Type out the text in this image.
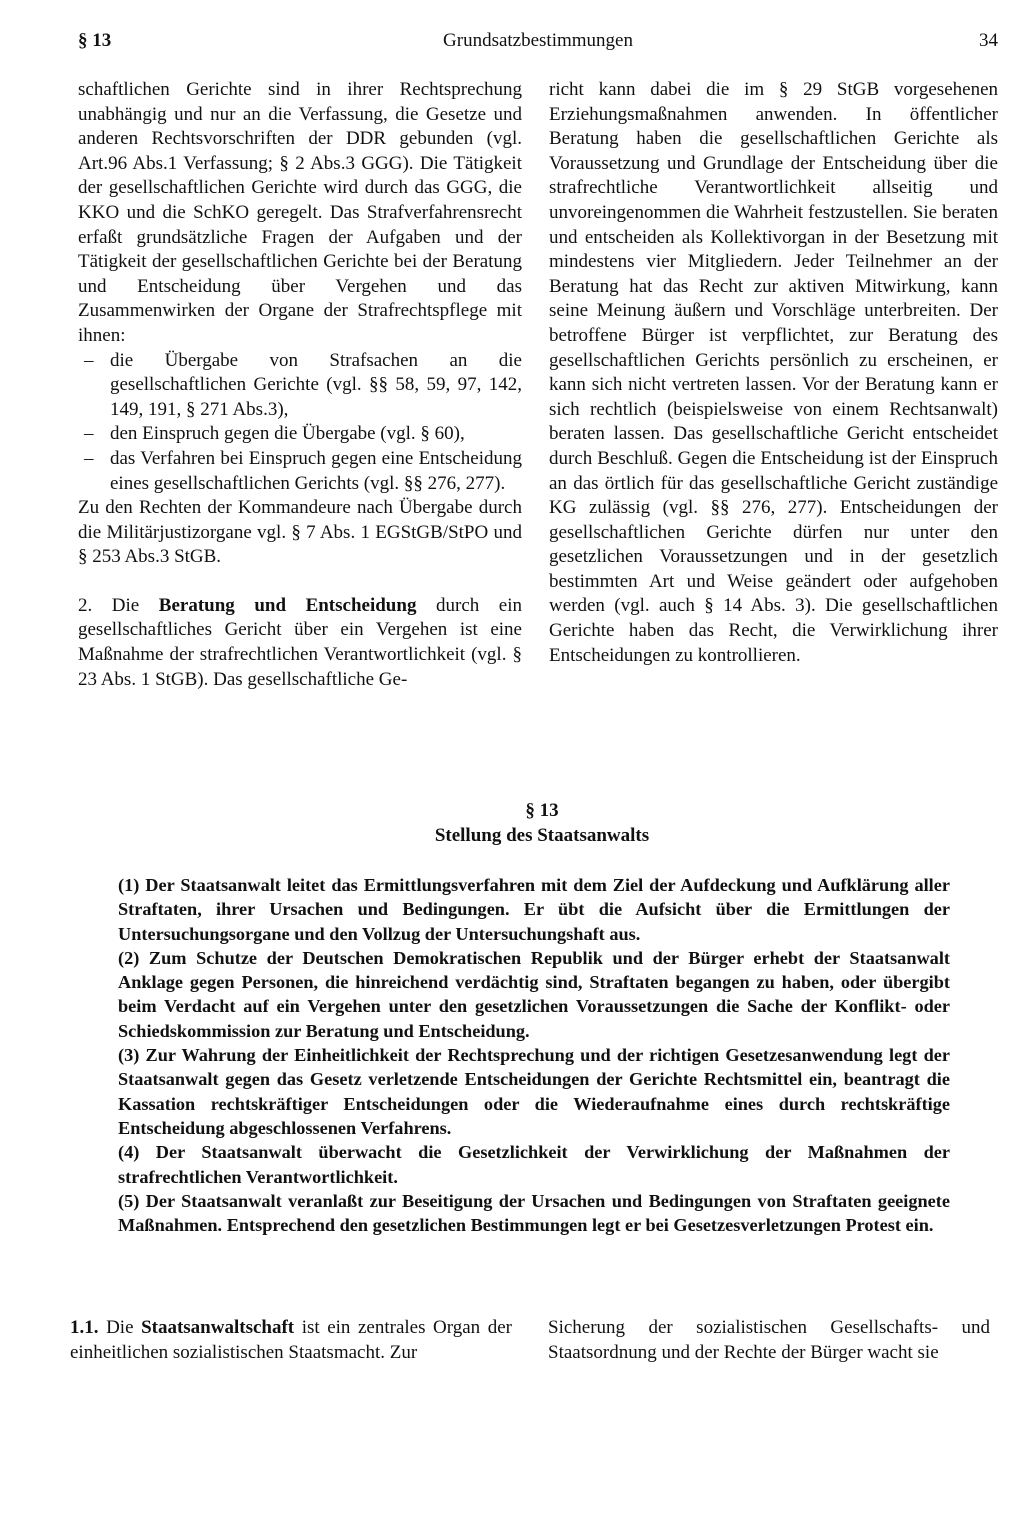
§ 13	Grundsatzbestimmungen	34

schaftlichen Gerichte sind in ihrer Rechtsprechung unabhängig und nur an die Verfassung, die Gesetze und anderen Rechtsvorschriften der DDR gebunden (vgl. Art.96 Abs.1 Verfassung; § 2 Abs.3 GGG). Die Tätigkeit der gesellschaftlichen Gerichte wird durch das GGG, die KKO und die SchKO geregelt. Das Strafverfahrensrecht erfaßt grundsätzliche Fragen der Aufgaben und der Tätigkeit der gesellschaftlichen Gerichte bei der Beratung und Entscheidung über Vergehen und das Zusammenwirken der Organe der Strafrechtspflege mit ihnen:

– die Übergabe von Strafsachen an die gesellschaftlichen Gerichte (vgl. §§ 58, 59, 97, 142, 149, 191, § 271 Abs.3),
– den Einspruch gegen die Übergabe (vgl. § 60),
– das Verfahren bei Einspruch gegen eine Entscheidung eines gesellschaftlichen Gerichts (vgl. §§ 276, 277).

Zu den Rechten der Kommandeure nach Übergabe durch die Militärjustizorgane vgl. § 7 Abs. 1 EGStGB/StPO und § 253 Abs.3 StGB.

2. Die Beratung und Entscheidung durch ein gesellschaftliches Gericht über ein Vergehen ist eine Maßnahme der strafrechtlichen Verantwortlichkeit (vgl. § 23 Abs. 1 StGB). Das gesellschaftliche Ge-

richt kann dabei die im § 29 StGB vorgesehenen Erziehungsmaßnahmen anwenden. In öffentlicher Beratung haben die gesellschaftlichen Gerichte als Voraussetzung und Grundlage der Entscheidung über die strafrechtliche Verantwortlichkeit allseitig und unvoreingenommen die Wahrheit festzustellen. Sie beraten und entscheiden als Kollektivorgan in der Besetzung mit mindestens vier Mitgliedern. Jeder Teilnehmer an der Beratung hat das Recht zur aktiven Mitwirkung, kann seine Meinung äußern und Vorschläge unterbreiten. Der betroffene Bürger ist verpflichtet, zur Beratung des gesellschaftlichen Gerichts persönlich zu erscheinen, er kann sich nicht vertreten lassen. Vor der Beratung kann er sich rechtlich (beispielsweise von einem Rechtsanwalt) beraten lassen. Das gesellschaftliche Gericht entscheidet durch Beschluß. Gegen die Entscheidung ist der Einspruch an das örtlich für das gesellschaftliche Gericht zuständige KG zulässig (vgl. §§ 276, 277). Entscheidungen der gesellschaftlichen Gerichte dürfen nur unter den gesetzlichen Voraussetzungen und in der gesetzlich bestimmten Art und Weise geändert oder aufgehoben werden (vgl. auch § 14 Abs. 3). Die gesellschaftlichen Gerichte haben das Recht, die Verwirklichung ihrer Entscheidungen zu kontrollieren.

§ 13
Stellung des Staatsanwalts

(1) Der Staatsanwalt leitet das Ermittlungsverfahren mit dem Ziel der Aufdeckung und Aufklärung aller Straftaten, ihrer Ursachen und Bedingungen. Er übt die Aufsicht über die Ermittlungen der Untersuchungsorgane und den Vollzug der Untersuchungshaft aus.

(2) Zum Schutze der Deutschen Demokratischen Republik und der Bürger erhebt der Staatsanwalt Anklage gegen Personen, die hinreichend verdächtig sind, Straftaten begangen zu haben, oder übergibt beim Verdacht auf ein Vergehen unter den gesetzlichen Voraussetzungen die Sache der Konflikt- oder Schiedskommission zur Beratung und Entscheidung.

(3) Zur Wahrung der Einheitlichkeit der Rechtsprechung und der richtigen Gesetzesanwendung legt der Staatsanwalt gegen das Gesetz verletzende Entscheidungen der Gerichte Rechtsmittel ein, beantragt die Kassation rechtskräftiger Entscheidungen oder die Wiederaufnahme eines durch rechtskräftige Entscheidung abgeschlossenen Verfahrens.

(4) Der Staatsanwalt überwacht die Gesetzlichkeit der Verwirklichung der Maßnahmen der strafrechtlichen Verantwortlichkeit.

(5) Der Staatsanwalt veranlaßt zur Beseitigung der Ursachen und Bedingungen von Straftaten geeignete Maßnahmen. Entsprechend den gesetzlichen Bestimmungen legt er bei Gesetzesverletzungen Protest ein.

1.1. Die Staatsanwaltschaft ist ein zentrales Organ der einheitlichen sozialistischen Staatsmacht. Zur

Sicherung der sozialistischen Gesellschafts- und Staatsordnung und der Rechte der Bürger wacht sie
